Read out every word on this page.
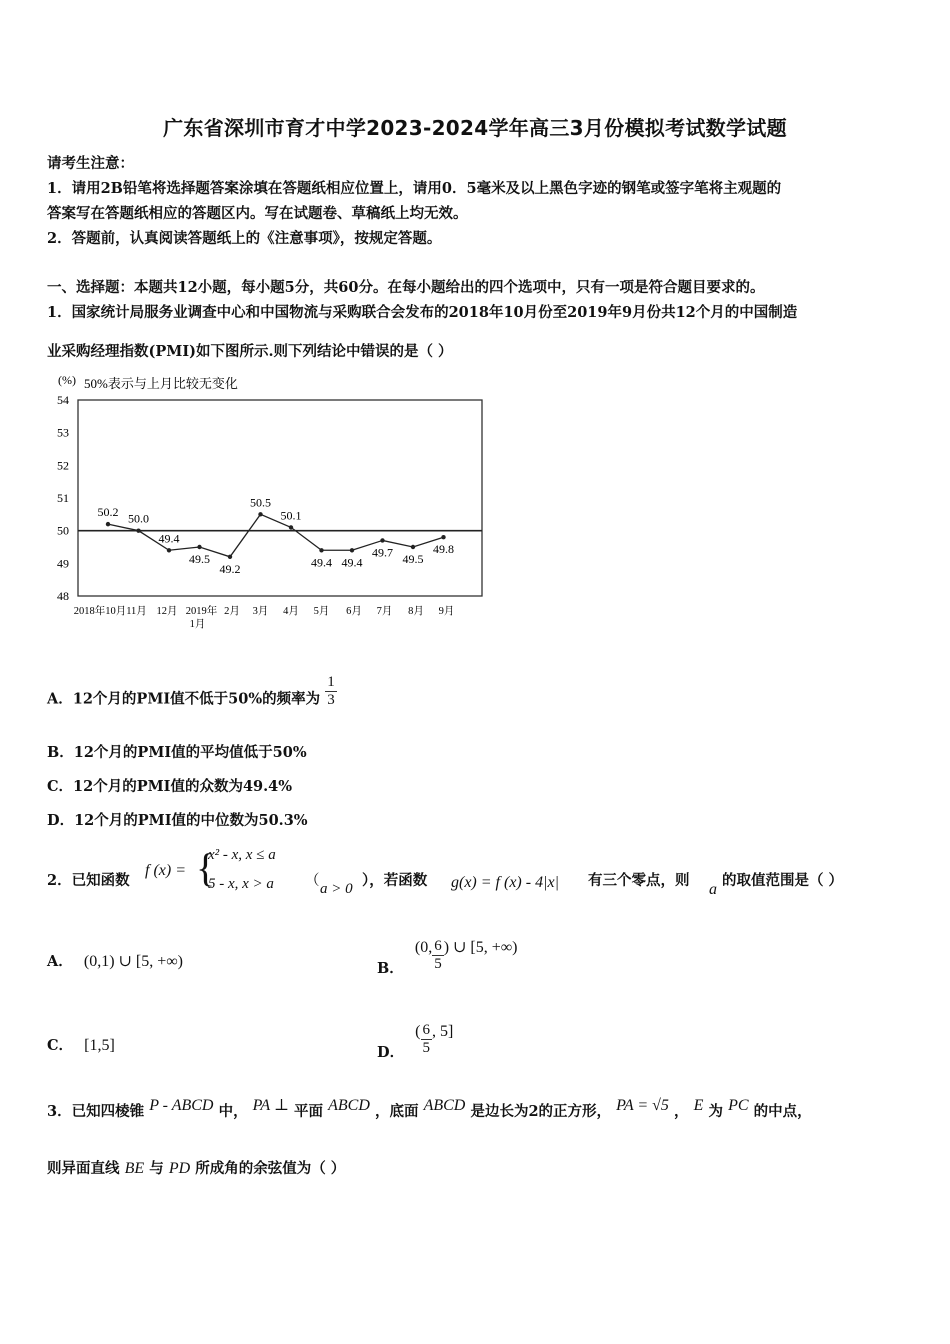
广东省深圳市育才中学2023-2024学年高三3月份模拟考试数学试题
请考生注意：
1．请用2B铅笔将选择题答案涂填在答题纸相应位置上，请用0．5毫米及以上黑色字迹的钢笔或签字笔将主观题的
答案写在答题纸相应的答题区内。写在试题卷、草稿纸上均无效。
2．答题前，认真阅读答题纸上的《注意事项》，按规定答题。
一、选择题：本题共12小题，每小题5分，共60分。在每小题给出的四个选项中，只有一项是符合题目要求的。
1．国家统计局服务业调查中心和中国物流与采购联合会发布的2018年10月份至2019年9月份共12个月的中国制造
业采购经理指数(PMI)如下图所示.则下列结论中错误的是（ ）
(%) 50%表示与上月比较无变化
54
53
52
51
50
49
48
50.2 50.0
49.4
49.5
49.2
50.5
50.1
49.4 49.4
49.7 49.5
49.8
2018年10月 11月 12月 2019年
1月
2月 3月 4月 5月 6月 7月 8月 9月
A．12个月的PMI值不低于50%的频率为 $\frac{1}{3}$
B．12个月的PMI值的平均值低于50%
C．12个月的PMI值的众数为49.4%
D．12个月的PMI值的中位数为50.3%
2．已知函数
f (x) = {
x² - x, x ≤ a
5 - x, x > a （ a > 0 ），若函数 g(x) = f (x) - 4|x| 有三个零点，则
a
的取值范围是（ ）
A． (0,1) ∪ [5, +∞)	B． (0, $\frac{6}{5}$ ) ∪ [5, +∞)
C． [1,5]	D． ( $\frac{6}{5}$ , 5]
3．已知四棱锥 P - ABCD 中， PA ⊥ 平面 ABCD ，底面 ABCD 是边长为2的正方形， PA = √5 ， E 为 PC 的中点，
则异面直线 BE 与 PD 所成角的余弦值为（ ）
